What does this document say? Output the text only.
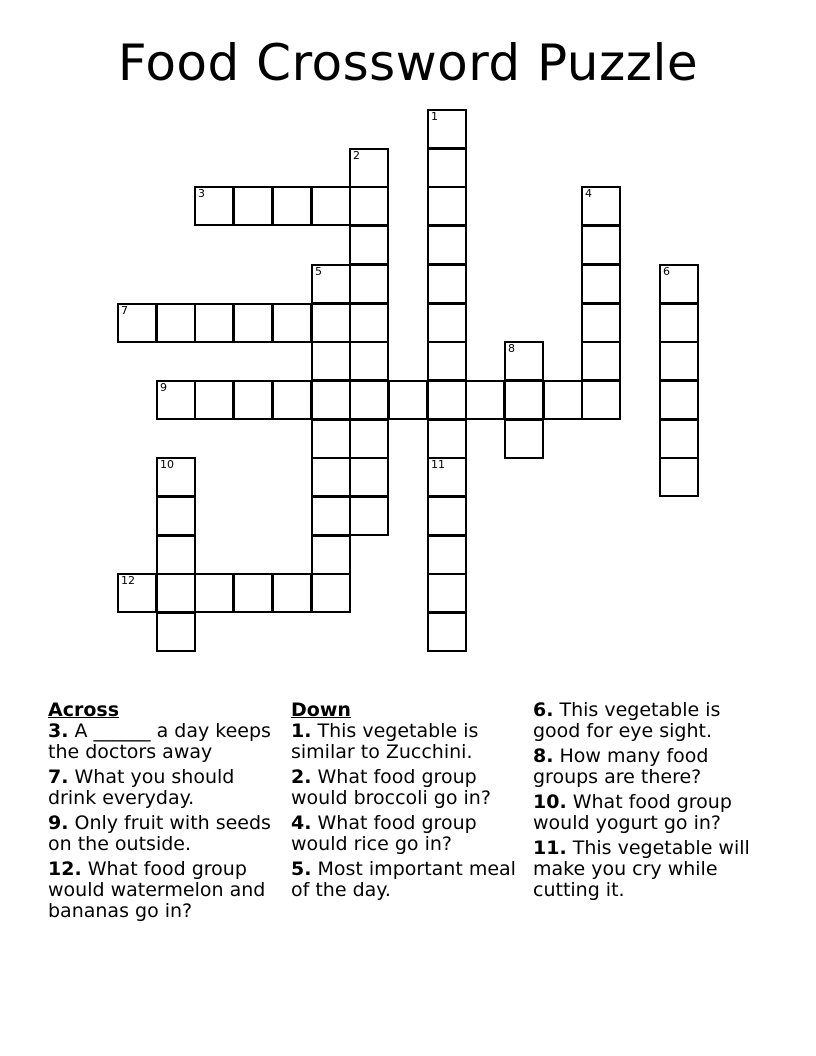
Food Crossword Puzzle
1
11
2
3	4
5	6
7
8
9
10
12
Across
3. A ______ a day keeps the doctors away
7. What you should drink everyday.
9. Only fruit with seeds on the outside.
12. What food group would watermelon and bananas go in?
Down
1. This vegetable is similar to Zucchini.
2. What food group would broccoli go in?
4. What food group would rice go in?
5. Most important meal of the day.
6. This vegetable is good for eye sight.
8. How many food groups are there?
10. What food group would yogurt go in?
11. This vegetable will make you cry while cutting it.
